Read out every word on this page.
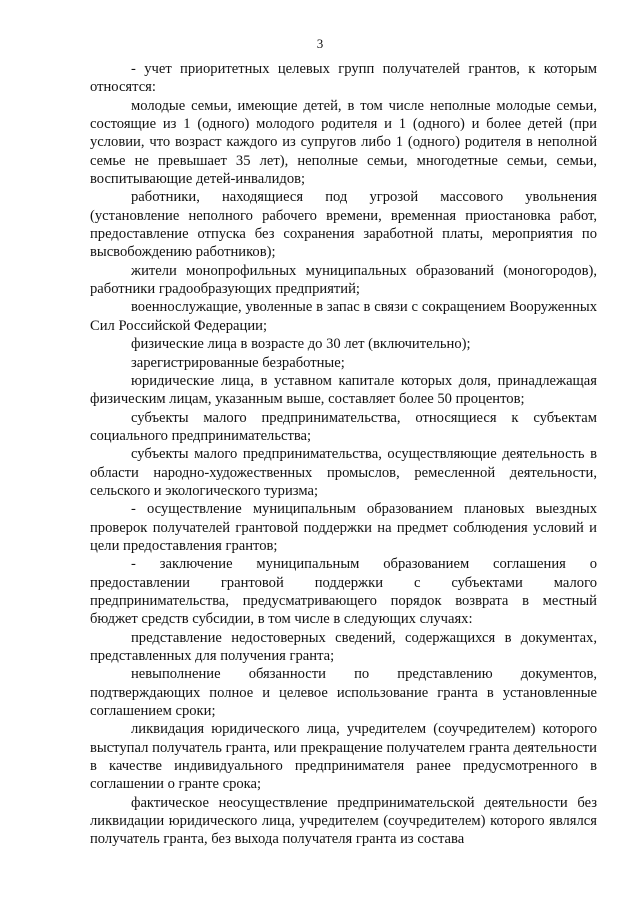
3

- учет приоритетных целевых групп получателей грантов, к которым относятся:

молодые семьи, имеющие детей, в том числе неполные молодые семьи, состоящие из 1 (одного) молодого родителя и 1 (одного) и более детей (при условии, что возраст каждого из супругов либо 1 (одного) родителя в неполной семье не превышает 35 лет), неполные семьи, многодетные семьи, семьи, воспитывающие детей-инвалидов;

работники, находящиеся под угрозой массового увольнения (установление неполного рабочего времени, временная приостановка работ, предоставление отпуска без сохранения заработной платы, мероприятия по высвобождению работников);

жители монопрофильных муниципальных образований (моногородов), работники градообразующих предприятий;

военнослужащие, уволенные в запас в связи с сокращением Вооруженных Сил Российской Федерации;

физические лица в возрасте до 30 лет (включительно);

зарегистрированные безработные;

юридические лица, в уставном капитале которых доля, принадлежащая физическим лицам, указанным выше, составляет более 50 процентов;

субъекты малого предпринимательства, относящиеся к субъектам социального предпринимательства;

субъекты малого предпринимательства, осуществляющие деятельность в области народно-художественных промыслов, ремесленной деятельности, сельского и экологического туризма;

- осуществление муниципальным образованием плановых выездных проверок получателей грантовой поддержки на предмет соблюдения условий и цели предоставления грантов;

- заключение муниципальным образованием соглашения о предоставлении грантовой поддержки с субъектами малого предпринимательства, предусматривающего порядок возврата в местный бюджет средств субсидии, в том числе в следующих случаях:

представление недостоверных сведений, содержащихся в документах, представленных для получения гранта;

невыполнение обязанности по представлению документов, подтверждающих полное и целевое использование гранта в установленные соглашением сроки;

ликвидация юридического лица, учредителем (соучредителем) которого выступал получатель гранта, или прекращение получателем гранта деятельности в качестве индивидуального предпринимателя ранее предусмотренного в соглашении о гранте срока;

фактическое неосуществление предпринимательской деятельности без ликвидации юридического лица, учредителем (соучредителем) которого являлся получатель гранта, без выхода получателя гранта из состава
